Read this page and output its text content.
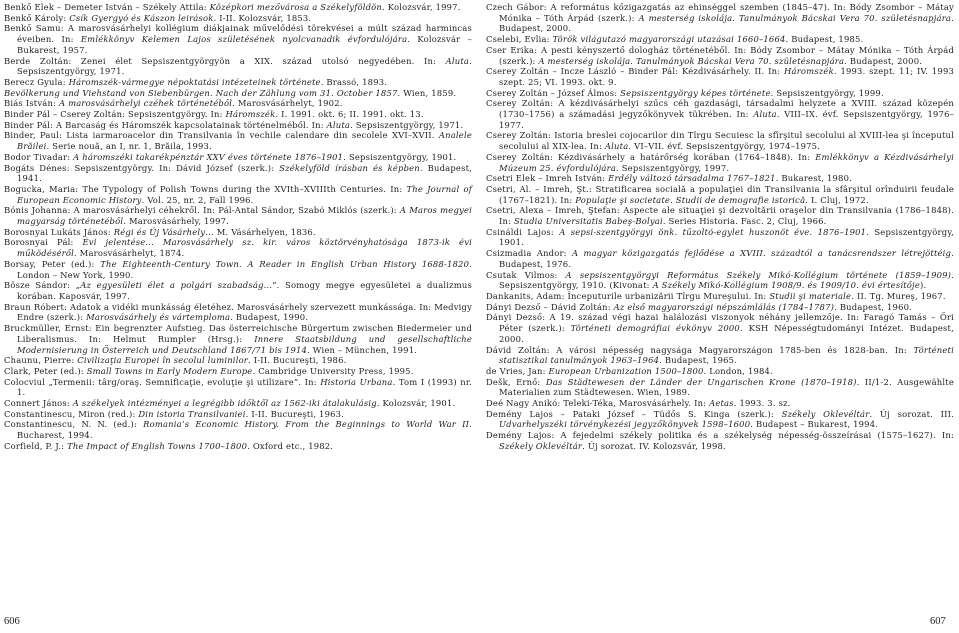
Benkő Elek – Demeter István – Székely Attila: Középkori mezővárosa a Székelyföldön. Kolozsvár, 1997.
Benkő Károly: Csík Gyergyó és Kászon leirások. I-II. Kolozsvár, 1853.
Benkő Samu: A marosvásárhelyi kollégium diákjainak művelődési törekvései a múlt század harmincas éveiben. In: Emlékkönyv Kelemen Lajos születésének nyolcvanadik évfordulójára. Kolozsvár – Bukarest, 1957.
Berde Zoltán: Zenei élet Sepsiszentgyörgyön a XIX. század utolsó negyedében. In: Aluta. Sepsiszentgyörgy, 1971.
Berecz Gyula: Háromszék-vármegye népoktatási intézeteinek története. Brassó, 1893.
Bevölkerung und Viehstand von Siebenbürgen. Nach der Zählung vom 31. October 1857. Wien, 1859.
Biás István: A marosvásárhelyi czéhek történetéből. Marosvásárhelyt, 1902.
Binder Pál – Cserey Zoltán: Sepsiszentgyörgy. In: Háromszék. I. 1991. okt. 6; II. 1991. okt. 13.
Binder Pál: A Barcaság és Háromszék kapcsolatainak történelméből. In: Aluta. Sepsiszentgyörgy, 1971.
Binder, Paul: Lista iarmaroacelor din Transilvania în vechile calendare din secolele XVI–XVII. Analele Brăilei. Serie nouă, an I, nr. 1, Brăila, 1993.
Bodor Tivadar: A háromszéki takarékpénztár XXV éves története 1876–1901. Sepsiszentgyörgy, 1901.
Bogáts Dénes: Sepsiszentgyörgy. In: Dávid József (szerk.): Székelyföld írásban és képben. Budapest, 1941.
Bogucka, Maria: The Typology of Polish Towns during the XVIth–XVIIIth Centuries. In: The Journal of European Economic History. Vol. 25, nr. 2, Fall 1996.
Bónis Johanna: A marosvásárhelyi céhekről. In: Pál-Antal Sándor, Szabó Miklós (szerk.): A Maros megyei magyarság történetéből. Marosvásárhely, 1997.
Borosnyai Lukáts János: Régi és Új Vásárhely... M. Vásárhelyen, 1836.
Borosnyai Pál: Évi jelentése... Marosvásárhely sz. kir. város köztörvényhatósága 1873-ik évi működéséről. Marosvásárhelyt, 1874.
Borsay, Peter (ed.): The Eighteenth-Century Town. A Reader in English Urban History 1688-1820. London – New York, 1990.
Bösze Sándor: „Az egyesületi élet a polgári szabadság...”. Somogy megye egyesületei a dualizmus korában. Kaposvár, 1997.
Braun Róbert: Adatok a vidéki munkásság életéhez. Marosvásárhely szervezett munkássága. In: Medvigy Endre (szerk.): Marosvásárhely és vártemploma. Budapest, 1990.
Bruckmüller, Ernst: Ein begrenzter Aufstieg. Das österreichische Bürgertum zwischen Biedermeier und Liberalismus. In: Helmut Rumpler (Hrsg.): Innere Staatsbildung und gesellschaftliche Modernisierung in Österreich und Deutschland 1867/71 bis 1914. Wien – München, 1991.
Chaunu, Pierre: Civilizaţia Europei în secolul luminilor. I-II. Bucureşti, 1986.
Clark, Peter (ed.): Small Towns in Early Modern Europe. Cambridge University Press, 1995.
Colocviul „Termenii: târg/oraş. Semnificaţie, evoluţie şi utilizare”. In: Historia Urbana. Tom I (1993) nr. 1.
Connert János: A székelyek intézményei a legrégibb időktől az 1562-iki átalakulásig. Kolozsvár, 1901.
Constantinescu, Miron (red.): Din istoria Transilvaniei. I-II. Bucureşti, 1963.
Constantinescu, N. N. (ed.): Romania’s Economic History. From the Beginnings to World War II. Bucharest, 1994.
Corfield, P. J.: The Impact of English Towns 1700–1800. Oxford etc., 1982.
Czech Gábor: A református kőzigazgatás az ehinséggel szemben (1845–47). In: Bódy Zsombor – Mátay Mónika – Tóth Árpád (szerk.): A mesterség iskolája. Tanulmányok Bácskai Vera 70. születésnapjára. Budapest, 2000.
Cselebi, Evlia: Török világutazó magyarországi utazásai 1660–1664. Budapest, 1985.
Cser Erika: A pesti kényszertő dologház történetéből. In: Bódy Zsombor – Mátay Mónika – Tóth Árpád (szerk.): A mesterség iskolája. Tanulmányok Bácskai Vera 70. születésnapjára. Budapest, 2000.
Cserey Zoltán – Incze László – Binder Pál: Kézdivásárhely. II. In: Háromszék. 1993. szept. 11; IV. 1993 szept. 25; VI. 1993. okt. 9.
Cserey Zoltán – József Álmos: Sepsiszentgyörgy képes története. Sepsiszentgyörgy, 1999.
Cserey Zoltán: A kézdivásárhelyi szűcs céh gazdasági, társadalmi helyzete a XVIII. század közepén (1730–1756) a számadási jegyzőkönyvek tükrében. In: Aluta. VIII–IX. évf. Sepsiszentgyörgy, 1976–1977.
Cserey Zoltán: Istoria breslei cojocarilor din Tîrgu Secuiesc la sfîrşitul secolului al XVIII-lea şi începutul secolului al XIX-lea. In: Aluta. VI–VII. évf. Sepsiszentgyörgy, 1974–1975.
Cserey Zoltán: Kézdivásárhely a határőrség korában (1764–1848). In: Emlékkönyv a Kézdivásárhelyi Múzeum 25. évfordulójára. Sepsiszentgyörgy, 1997.
Csetri Elek – Imreh István: Erdély változó társadalma 1767–1821. Bukarest, 1980.
Csetri, Al. – Imreh, Şt.: Stratificarea socială a populaţiei din Transilvania la sfârşitul orînduirii feudale (1767–1821). In: Populaţie şi societate. Studii de demografie istorică. I. Cluj, 1972.
Csetri, Alexa – Imreh, Ştefan: Aspecte ale situaţiei şi dezvoltării oraşelor din Transilvania (1786–1848). In: Studia Universitatis Babeş-Bolyai. Series Historia. Fasc. 2, Cluj, 1966.
Csináldi Lajos: A sepsi-szentgyörgyi önk. tűzoltó-egylet huszonöt éve. 1876–1901. Sepsiszentgyörgy, 1901.
Csizmadia Andor: A magyar közigazgatás fejlődése a XVIII. századtól a tanácsrendszer létrejöttéig. Budapest, 1976.
Csutak Vilmos: A sepsiszentgyörgyi Református Székely Mikó-Kollégium története (1859–1909). Sepsiszentgyörgy, 1910. (Kivonat: A Székely Mikó-Kollégium 1908/9. és 1909/10. évi értesítője).
Dankanits, Adam: Începuturile urbanizării Tîrgu Mureşului. In: Studii şi materiale. II. Tg. Mureş, 1967.
Dányi Dezső – Dávid Zoltán: Az első magyarországi népszámlálás (1784–1787). Budapest, 1960.
Dányi Dezső: A 19. század végi hazai halálozási viszonyok néhány jellemzője. In: Faragó Tamás – Őri Péter (szerk.): Történeti demográfiai évkönyv 2000. KSH Népességtudományi Intézet. Budapest, 2000.
Dávid Zoltán: A városi népesség nagysága Magyarországon 1785-ben és 1828-ban. In: Történeti statisztikai tanulmányok 1963–1964. Budapest, 1965.
de Vries, Jan: European Urbanization 1500–1800. London, 1984.
Dešk, Ernő: Das Städtewesen der Länder der Ungarischen Krone (1870–1918). II/1-2. Ausgewählte Materialien zum Städtewesen. Wien, 1989.
Deé Nagy Anikó: Teleki-Téka, Marosvásárhely. In: Aetas. 1993. 3. sz.
Demény Lajos – Pataki József – Tüdős S. Kinga (szerk.): Székely Oklevéltár. Új sorozat. III. Udvarhelyszéki törvénykezési jegyzőkönyvek 1598–1600. Budapest – Bukarest, 1994.
Demény Lajos: A fejedelmi székely politika és a székelység népesség-összeírásai (1575–1627). In: Székely Oklevéltár. Új sorozat. IV. Kolozsvár, 1998.
606	607
